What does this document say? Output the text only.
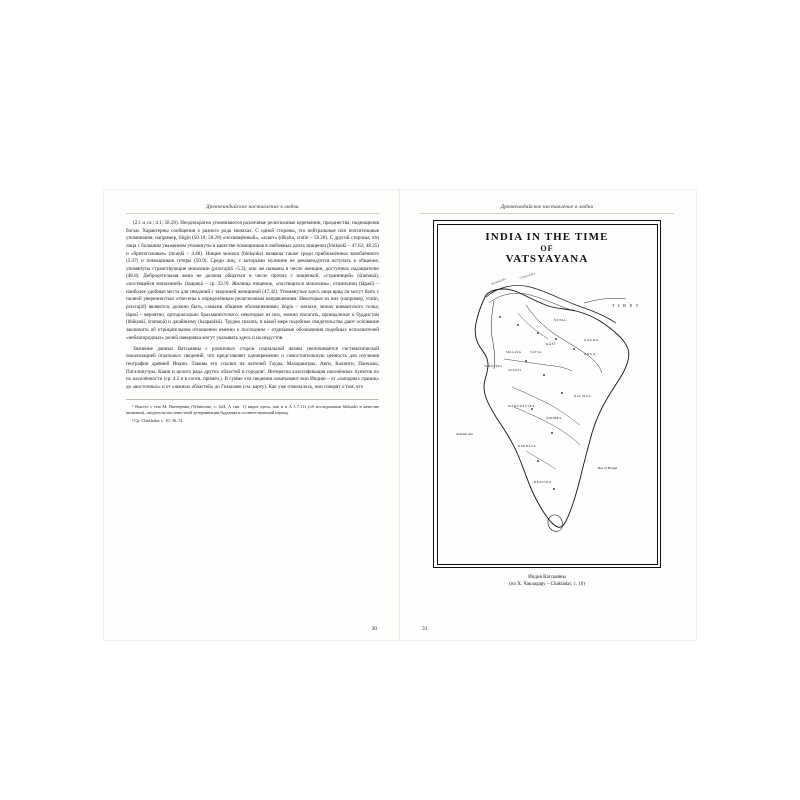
Древнеиндийское наставление в любви

(2.1 и сл.; 4.1; 58.28). Неоднократно упоминаются различные религиозные церемонии, празднества, поднощения богам. Характерны сообщения о разного рода монахах. С одной стороны, это нейтральные или почтительные упоминания, например, liṅgin (50.10; 58.28) «посвящённый», «аскет» (dīkṣita, vratin – 58.28). С другой стороны, эти лица с большим уважением упомянуты в качестве помощников в любовных делах нищенки (bhikṣukī – 47.62; 48.25) и «бритоголовые» (muṇḍā – 4.48). Нищие монахи (bhikṣuka) названы также среди приближённых влюблённого (5.37) и помощников гетеры (50.9). Среди лиц, с которыми мужчине не рекомендуется вступать в общение, упомянуты странствующие монахини (pravrajitā –5.3); они же названы в числе женщин, доступных надзирателю (48.8). Добродетельная жена не должна общаться в числе прочих с нищенкой, «странницей» (śramaṇā), «постящейся монахиней» (kṣapaṇā – ср. 32.9). Жилища нищенок, «постящихся монахинь», отшельниц (tāpasī) – наиболее удобные места для свиданий с замужней женщиной (47.42). Упомянутые здесь лица вряд ли могут быть с полной уверенностью отнесены к определённым религиозным направлениям. Некоторые из них (например, vratin, pravrajitī) являются, должно быть, самыми общими обозначениями; liṅgin – монахи, монах шиваитского толка; tāpasī – вероятно, ортодоксально брахманистского; некоторые из них, можно полагать, принадлежат к буддистам (bhikṣukī, śramaṇā) и джайнизму (kṣapaṇikā). Трудно сказать, в какой мере подобные свидетельства дают основание заключить об отрицательном отношении именно к последним – отдельные обозначения подобных исполнителей «неблагородных» ролей наверняка могут указывать здесь и на индустов.

Значение данных Ватсьяяны с различных сторон социальной жизни увеличивается систематической локализацией отдельных сведений, что представляет одновременно и самостоятельную ценность для изучения географии древней Индии. Таковы его ссылки на жителей Гауды, Махараштры, Авги, Калинги, Панчалы, Паталипутры, Каши и целого ряда других областей и городов². Интересна классификация населённых пунктов по их населённости (ср. 4.2 и в соотв. примеч.). В сумме эти сведения охватывают всю Индию – от «западных границ» до «восточных» и от «южных областей» до Гималаев (см. карту). Как уже отмечалось, они говорят о том, что

¹ Вместе с тем М. Винтерниц (Winternitz, с. 624, А гип. 1) видит здесь, как и в А 1.7.111 (об исследовании bhikṣukī в качестве шпионки), свидетельство известной детерминации буддизма в соответствующий период.

² Ср. Chakladar, с. 10, 36–72.

30
Древнеиндийское наставление в любви
INDIA IN THE TIME
OF
VATSYAYANA
T I B E T
Kāmūlaka
Chakalaka
NEPAL
GAUḌA
AṄGA
KĀŚĪ
VATSA
AVANTI
MĀLAVA
SURĀṢṬRA
MAHĀRĀṢṬRA
ĀNDHRA
KALIṄGA
DRAVIḌA
KARṆĀṬA
Bay of Bengal
Arabian Sea
Индия Ватсьяяны
(по Х. Чакладару – Chakladar, с. 10)
31
